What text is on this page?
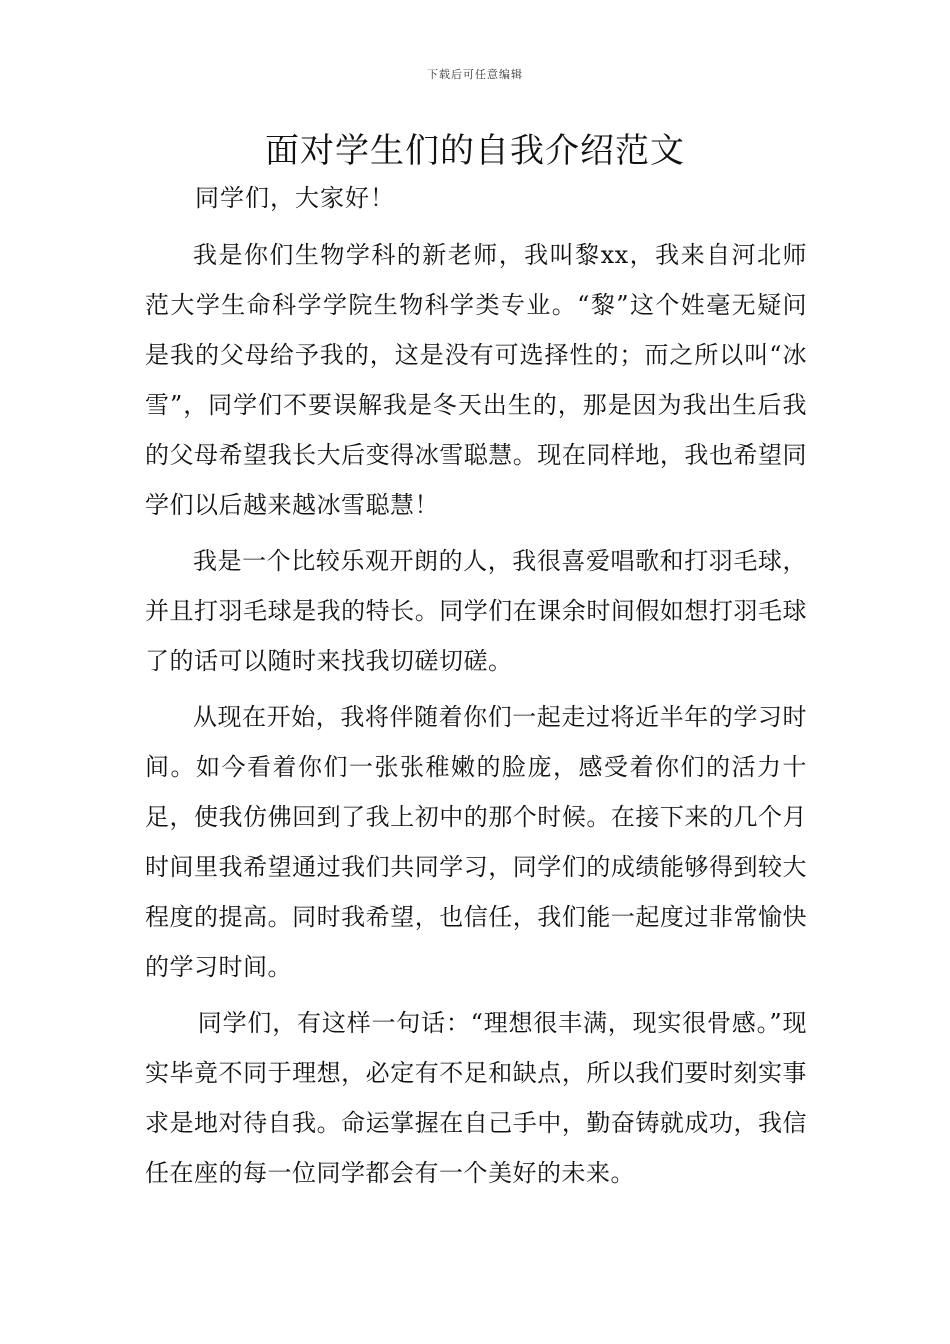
下载后可任意编辑
面对学生们的自我介绍范文
同学们，大家好！

我是你们生物学科的新老师，我叫黎xx，我来自河北师范大学生命科学学院生物科学类专业。“黎”这个姓毫无疑问是我的父母给予我的，这是没有可选择性的；而之所以叫“冰雪”，同学们不要误解我是冬天出生的，那是因为我出生后我的父母希望我长大后变得冰雪聪慧。现在同样地，我也希望同学们以后越来越冰雪聪慧！

我是一个比较乐观开朗的人，我很喜爱唱歌和打羽毛球，并且打羽毛球是我的特长。同学们在课余时间假如想打羽毛球了的话可以随时来找我切磋切磋。

从现在开始，我将伴随着你们一起走过将近半年的学习时间。如今看着你们一张张稚嫩的脸庞，感受着你们的活力十足，使我仿佛回到了我上初中的那个时候。在接下来的几个月时间里我希望通过我们共同学习，同学们的成绩能够得到较大程度的提高。同时我希望，也信任，我们能一起度过非常愉快的学习时间。

同学们，有这样一句话：“理想很丰满，现实很骨感。”现实毕竟不同于理想，必定有不足和缺点，所以我们要时刻实事求是地对待自我。命运掌握在自己手中，勤奋铸就成功，我信任在座的每一位同学都会有一个美好的未来。
